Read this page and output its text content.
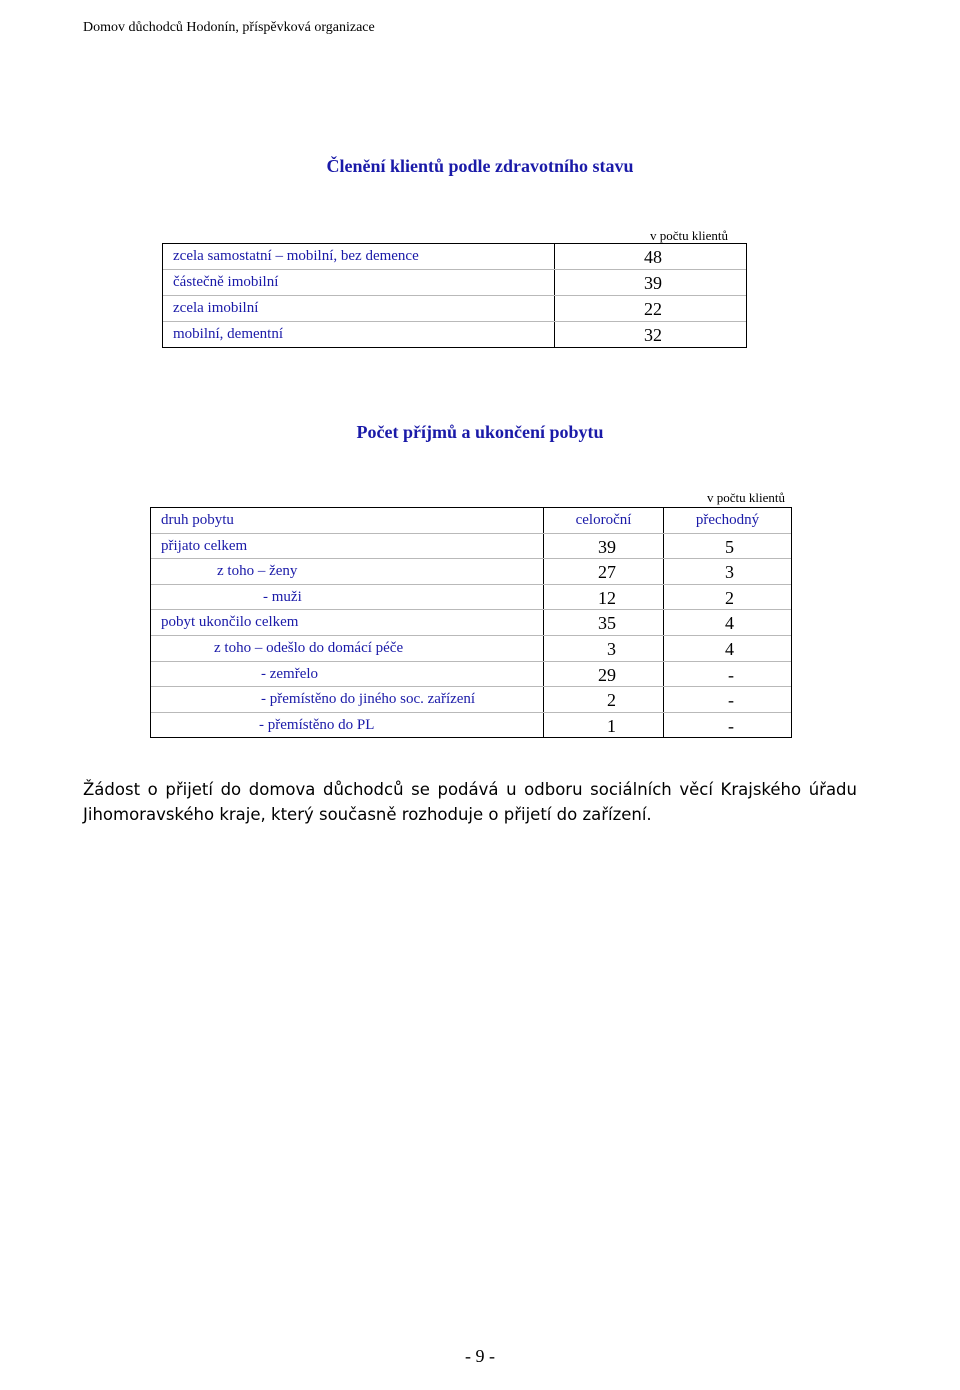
Domov důchodců Hodonín, příspěvková organizace
Členění klientů podle zdravotního stavu
v počtu klientů
zcela samostatní – mobilní, bez demence	48
částečně imobilní	39
zcela imobilní	22
mobilní, dementní	32
Počet příjmů a ukončení pobytu
v počtu klientů
druh pobytu	celoroční	přechodný
přijato celkem	39	5
z toho – ženy	27	3
- muži	12	2
pobyt ukončilo celkem	35	4
z toho – odešlo do domácí péče	3	4
- zemřelo	29	-
- přemístěno do jiného soc. zařízení	2	-
- přemístěno do PL	1	-
Žádost o přijetí do domova důchodců se podává u odboru sociálních věcí Krajského úřadu Jihomoravského kraje, který současně rozhoduje o přijetí do zařízení.
- 9 -
